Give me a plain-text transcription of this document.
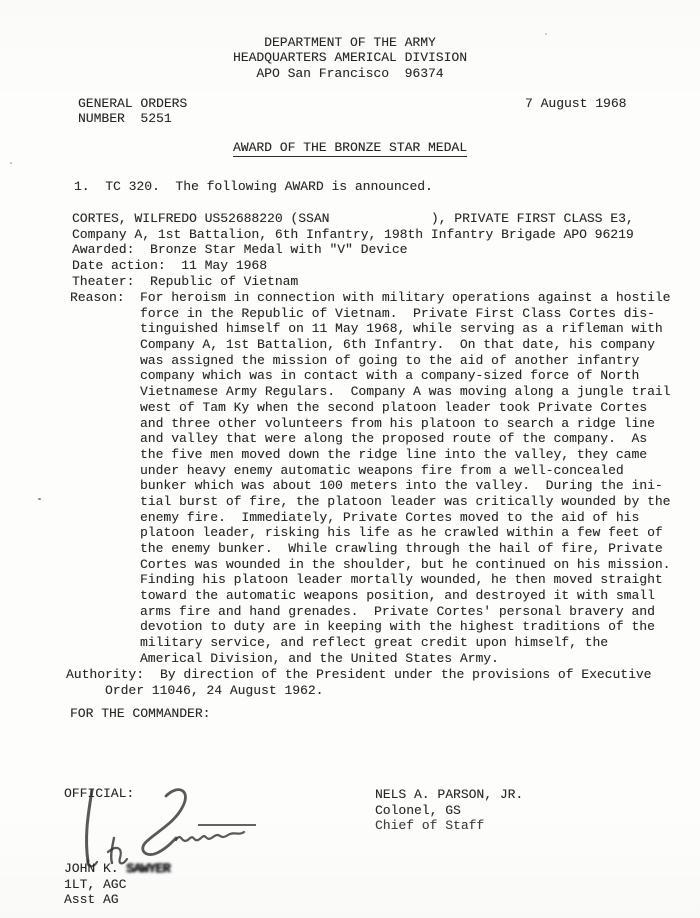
DEPARTMENT OF THE ARMY
HEADQUARTERS AMERICAL DIVISION
APO San Francisco  96374
GENERAL ORDERS
NUMBER  5251
7 August 1968
AWARD OF THE BRONZE STAR MEDAL
1.  TC 320.  The following AWARD is announced.
CORTES, WILFREDO US52688220 (SSAN             ), PRIVATE FIRST CLASS E3,
Company A, 1st Battalion, 6th Infantry, 198th Infantry Brigade APO 96219
Awarded:  Bronze Star Medal with "V" Device
Date action:  11 May 1968
Theater:  Republic of Vietnam
Reason: For heroism in connection with military operations against a hostile
force in the Republic of Vietnam.  Private First Class Cortes dis-
tinguished himself on 11 May 1968, while serving as a rifleman with
Company A, 1st Battalion, 6th Infantry.  On that date, his company
was assigned the mission of going to the aid of another infantry
company which was in contact with a company-sized force of North
Vietnamese Army Regulars.  Company A was moving along a jungle trail
west of Tam Ky when the second platoon leader took Private Cortes
and three other volunteers from his platoon to search a ridge line
and valley that were along the proposed route of the company.  As
the five men moved down the ridge line into the valley, they came
under heavy enemy automatic weapons fire from a well-concealed
bunker which was about 100 meters into the valley.  During the ini-
tial burst of fire, the platoon leader was critically wounded by the
enemy fire.  Immediately, Private Cortes moved to the aid of his
platoon leader, risking his life as he crawled within a few feet of
the enemy bunker.  While crawling through the hail of fire, Private
Cortes was wounded in the shoulder, but he continued on his mission.
Finding his platoon leader mortally wounded, he then moved straight
toward the automatic weapons position, and destroyed it with small
arms fire and hand grenades.  Private Cortes' personal bravery and
devotion to duty are in keeping with the highest traditions of the
military service, and reflect great credit upon himself, the
Americal Division, and the United States Army.
Authority: By direction of the President under the provisions of Executive
Order 11046, 24 August 1962.
FOR THE COMMANDER:
OFFICIAL:
JOHN K. SAWYER
1LT, AGC
Asst AG
NELS A. PARSON, JR.
Colonel, GS
Chief of Staff
